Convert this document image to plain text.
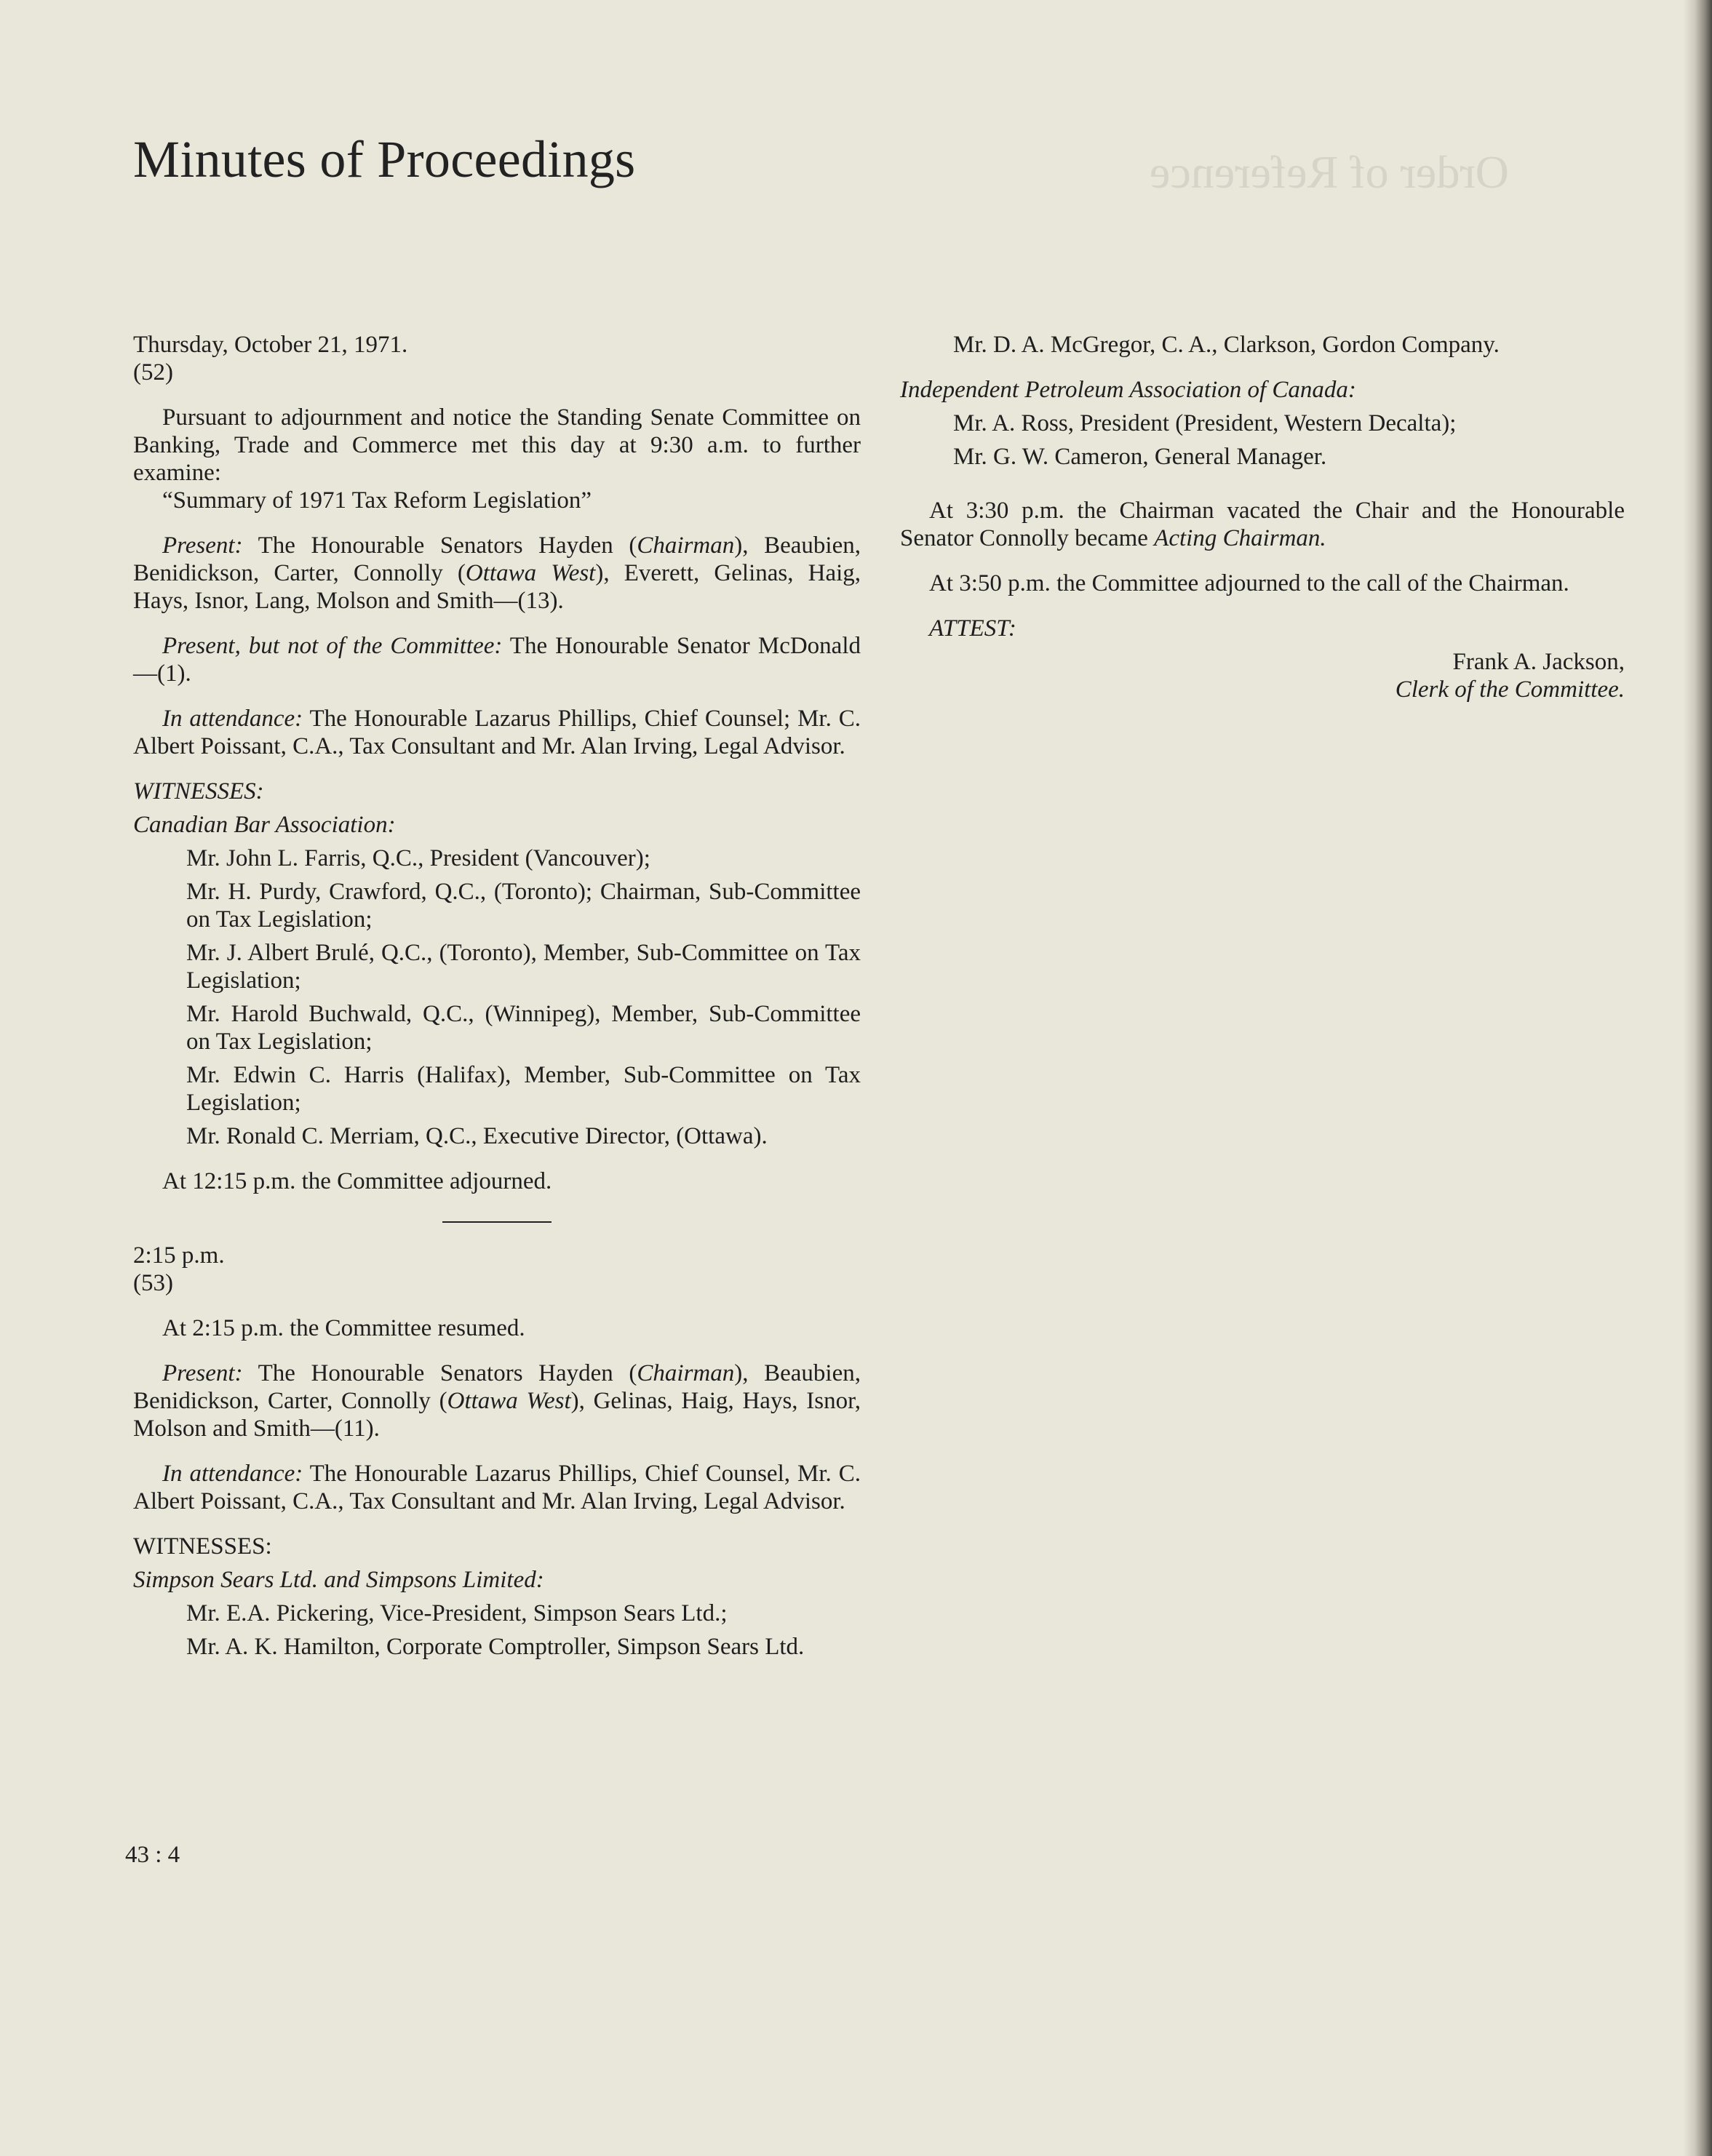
Order of Reference
Minutes of Proceedings

Thursday, October 21, 1971.

(52)

Pursuant to adjournment and notice the Standing Senate Committee on Banking, Trade and Commerce met this day at 9:30 a.m. to further examine:
“Summary of 1971 Tax Reform Legislation”

Present: The Honourable Senators Hayden (Chairman), Beaubien, Benidickson, Carter, Connolly (Ottawa West), Everett, Gelinas, Haig, Hays, Isnor, Lang, Molson and Smith—(13).

Present, but not of the Committee: The Honourable Senator McDonald—(1).

In attendance: The Honourable Lazarus Phillips, Chief Counsel; Mr. C. Albert Poissant, C.A., Tax Consultant and Mr. Alan Irving, Legal Advisor.

WITNESSES:

Canadian Bar Association:

Mr. John L. Farris, Q.C., President (Vancouver);

Mr. H. Purdy, Crawford, Q.C., (Toronto); Chairman, Sub-Committee on Tax Legislation;

Mr. J. Albert Brulé, Q.C., (Toronto), Member, Sub-Committee on Tax Legislation;

Mr. Harold Buchwald, Q.C., (Winnipeg), Member, Sub-Committee on Tax Legislation;

Mr. Edwin C. Harris (Halifax), Member, Sub-Committee on Tax Legislation;

Mr. Ronald C. Merriam, Q.C., Executive Director, (Ottawa).

At 12:15 p.m. the Committee adjourned.

2:15 p.m.

(53)

At 2:15 p.m. the Committee resumed.

Present: The Honourable Senators Hayden (Chairman), Beaubien, Benidickson, Carter, Connolly (Ottawa West), Gelinas, Haig, Hays, Isnor, Molson and Smith—(11).

In attendance: The Honourable Lazarus Phillips, Chief Counsel, Mr. C. Albert Poissant, C.A., Tax Consultant and Mr. Alan Irving, Legal Advisor.

WITNESSES:

Simpson Sears Ltd. and Simpsons Limited:

Mr. E.A. Pickering, Vice-President, Simpson Sears Ltd.;

Mr. A. K. Hamilton, Corporate Comptroller, Simpson Sears Ltd.

Mr. D. A. McGregor, C. A., Clarkson, Gordon Company.

Independent Petroleum Association of Canada:

Mr. A. Ross, President (President, Western Decalta);

Mr. G. W. Cameron, General Manager.

At 3:30 p.m. the Chairman vacated the Chair and the Honourable Senator Connolly became Acting Chairman.

At 3:50 p.m. the Committee adjourned to the call of the Chairman.

ATTEST:

Frank A. Jackson,

Clerk of the Committee.

43 : 4
